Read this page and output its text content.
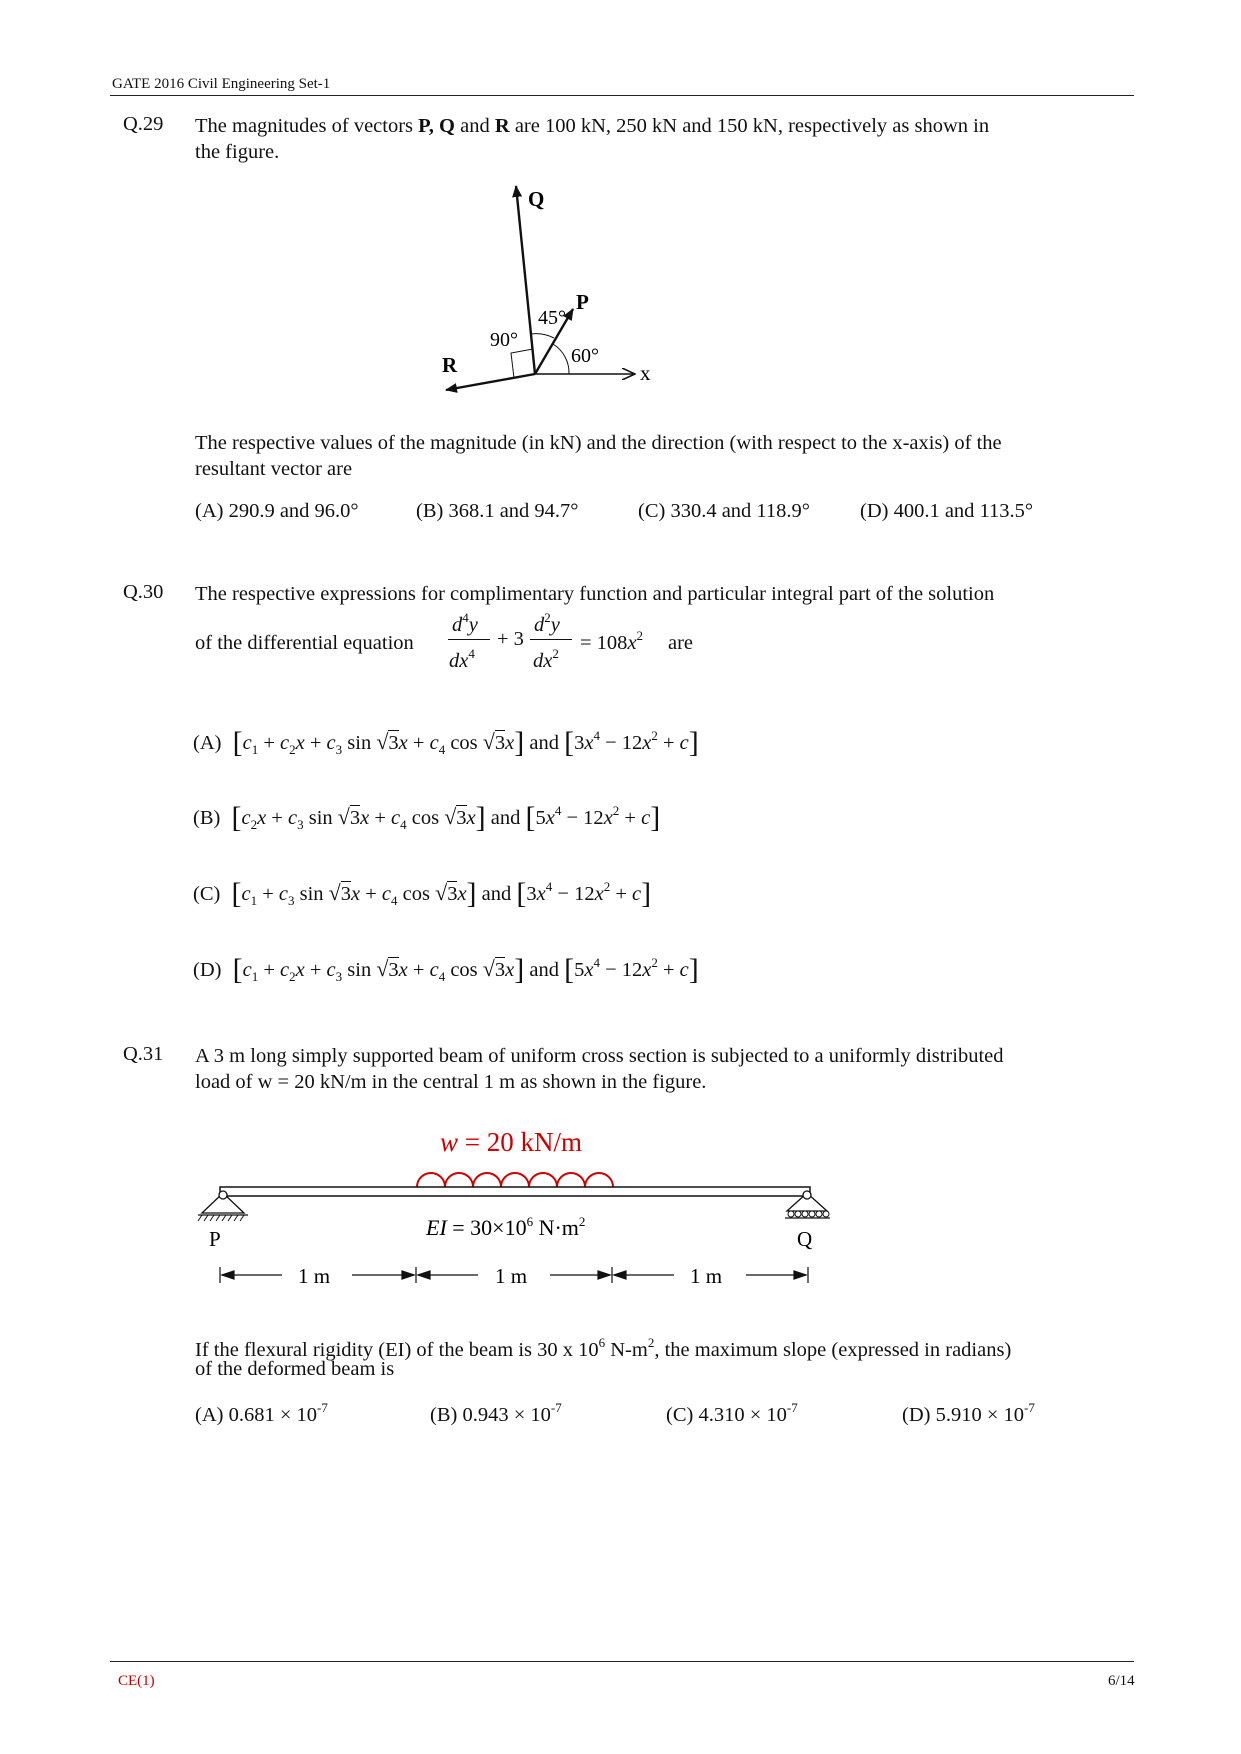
GATE 2016 Civil Engineering Set-1
Q.29 The magnitudes of vectors P, Q and R are 100 kN, 250 kN and 150 kN, respectively as shown in
the figure.
Q
P
R	x
45°
90°
60°
The respective values of the magnitude (in kN) and the direction (with respect to the x-axis) of the
resultant vector are
(A) 290.9 and 96.0°	(B) 368.1 and 94.7°	(C) 330.4 and 118.9° (D) 400.1 and 113.5°
Q.30 The respective expressions for complimentary function and particular integral part of the solution
of the differential equation
$d^4y$
$dx^4$
+ 3
$d^2y$
$dx^2 = 108x^2$ are
(A) [$c_1 + c_2x + c_3$ $\sin √3x + c_4$ cos √3x] and $[3x^4 - 12x^2 + c]$
(B) [$c_2x + c_3$ $\sin √3x + c_4$ cos √3x] and $[5x^4 - 12x^2 + c]$
(C) [$c_1 + c_3$ $\sin √3x + c_4$ cos √3x] and $[3x^4 - 12x^2 + c]$
(D) [$c_1 + c_2x + c_3$ $\sin √3x + c_4$ cos √3x] and $[5x^4 - 12x^2 + c]$
Q.31 A 3 m long simply supported beam of uniform cross section is subjected to a uniformly distributed
load of w = 20 kN/m in the central 1 m as shown in the figure.
w = 20 kN/m
EI = $30\times 10^6$ $N\cdot m^2$
P	Q
1 m	1 m	1 m
If the flexural rigidity (EI) of the beam is 30 x $10^6$ $N-m^2$, the maximum slope (expressed in radians)
of the deformed beam is
(A) $0.681 \times 10^{-7}$	(B) $0.943 \times 10^{-7}$	(C) $4.310 \times 10^{-7}$	(D) $5.910 \times 10^{-7}$
CE(1)	6/14
